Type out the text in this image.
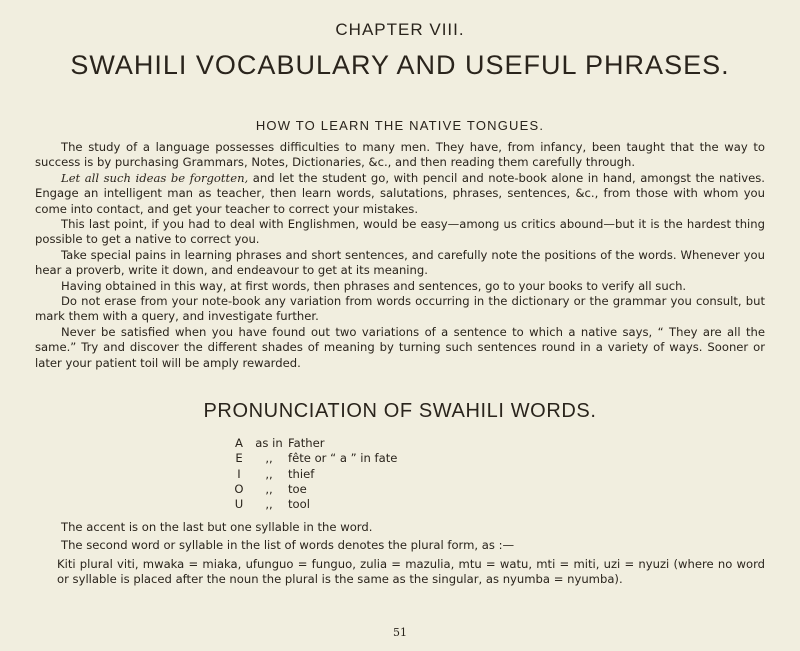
CHAPTER VIII.
SWAHILI VOCABULARY AND USEFUL PHRASES.
HOW TO LEARN THE NATIVE TONGUES.

The study of a language possesses difficulties to many men. They have, from infancy, been taught that the way to success is by purchasing Grammars, Notes, Dictionaries, &c., and then reading them carefully through.

Let all such ideas be forgotten, and let the student go, with pencil and note-book alone in hand, amongst the natives. Engage an intelligent man as teacher, then learn words, salutations, phrases, sentences, &c., from those with whom you come into contact, and get your teacher to correct your mistakes.

This last point, if you had to deal with Englishmen, would be easy—among us critics abound—but it is the hardest thing possible to get a native to correct you.

Take special pains in learning phrases and short sentences, and carefully note the positions of the words. Whenever you hear a proverb, write it down, and endeavour to get at its meaning.

Having obtained in this way, at first words, then phrases and sentences, go to your books to verify all such.

Do not erase from your note-book any variation from words occurring in the dictionary or the grammar you consult, but mark them with a query, and investigate further.

Never be satisfied when you have found out two variations of a sentence to which a native says, “ They are all the same.” Try and discover the different shades of meaning by turning such sentences round in a variety of ways. Sooner or later your patient toil will be amply rewarded.

PRONUNCIATION OF SWAHILI WORDS.
A	as in Father
E	,,	fête or “ a ” in fate
I	,,	thief
O	,,	toe
U	,,	tool

The accent is on the last but one syllable in the word.

The second word or syllable in the list of words denotes the plural form, as :—

Kiti plural viti, mwaka = miaka, ufunguo = funguo, zulia = mazulia, mtu = watu, mti = miti, uzi = nyuzi (where no word or syllable is placed after the noun the plural is the same as the singular, as nyumba = nyumba).

51
